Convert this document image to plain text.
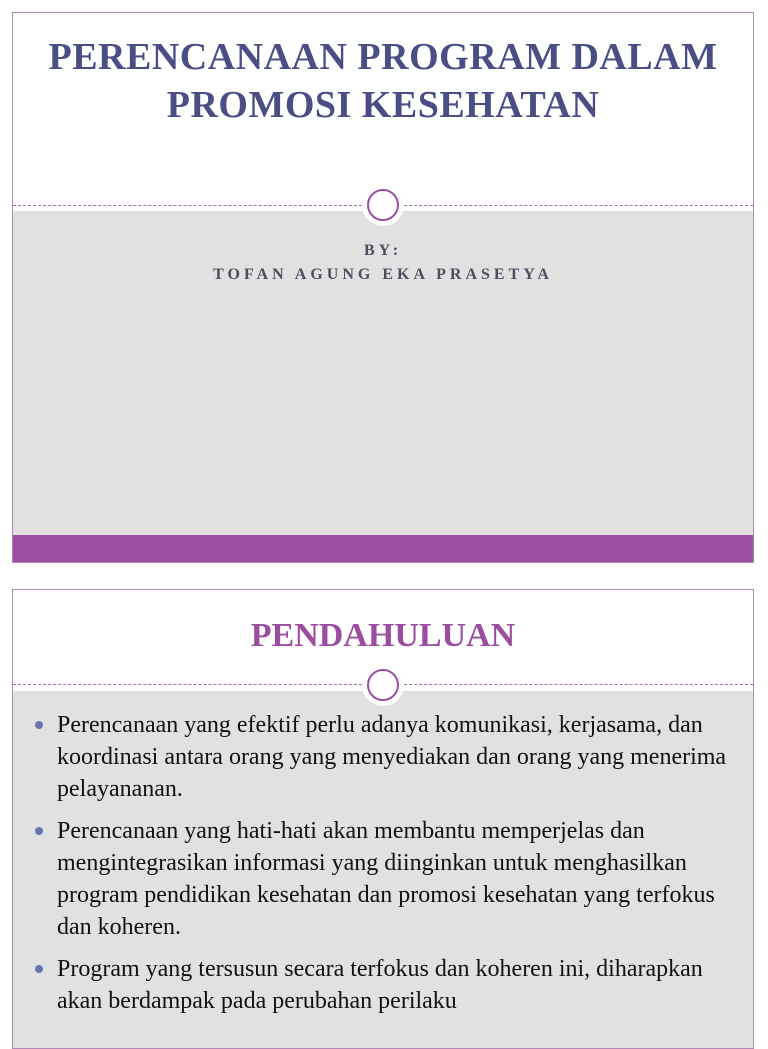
PERENCANAAN PROGRAM DALAM PROMOSI KESEHATAN
BY:
TOFAN AGUNG EKA PRASETYA
PENDAHULUAN
Perencanaan yang efektif perlu adanya komunikasi, kerjasama, dan koordinasi antara orang yang menyediakan dan orang yang menerima pelayananan.
Perencanaan yang hati-hati akan membantu memperjelas dan mengintegrasikan informasi yang diinginkan untuk menghasilkan program pendidikan kesehatan dan promosi kesehatan yang terfokus dan koheren.
Program yang tersusun secara terfokus dan koheren ini, diharapkan akan berdampak pada perubahan perilaku
